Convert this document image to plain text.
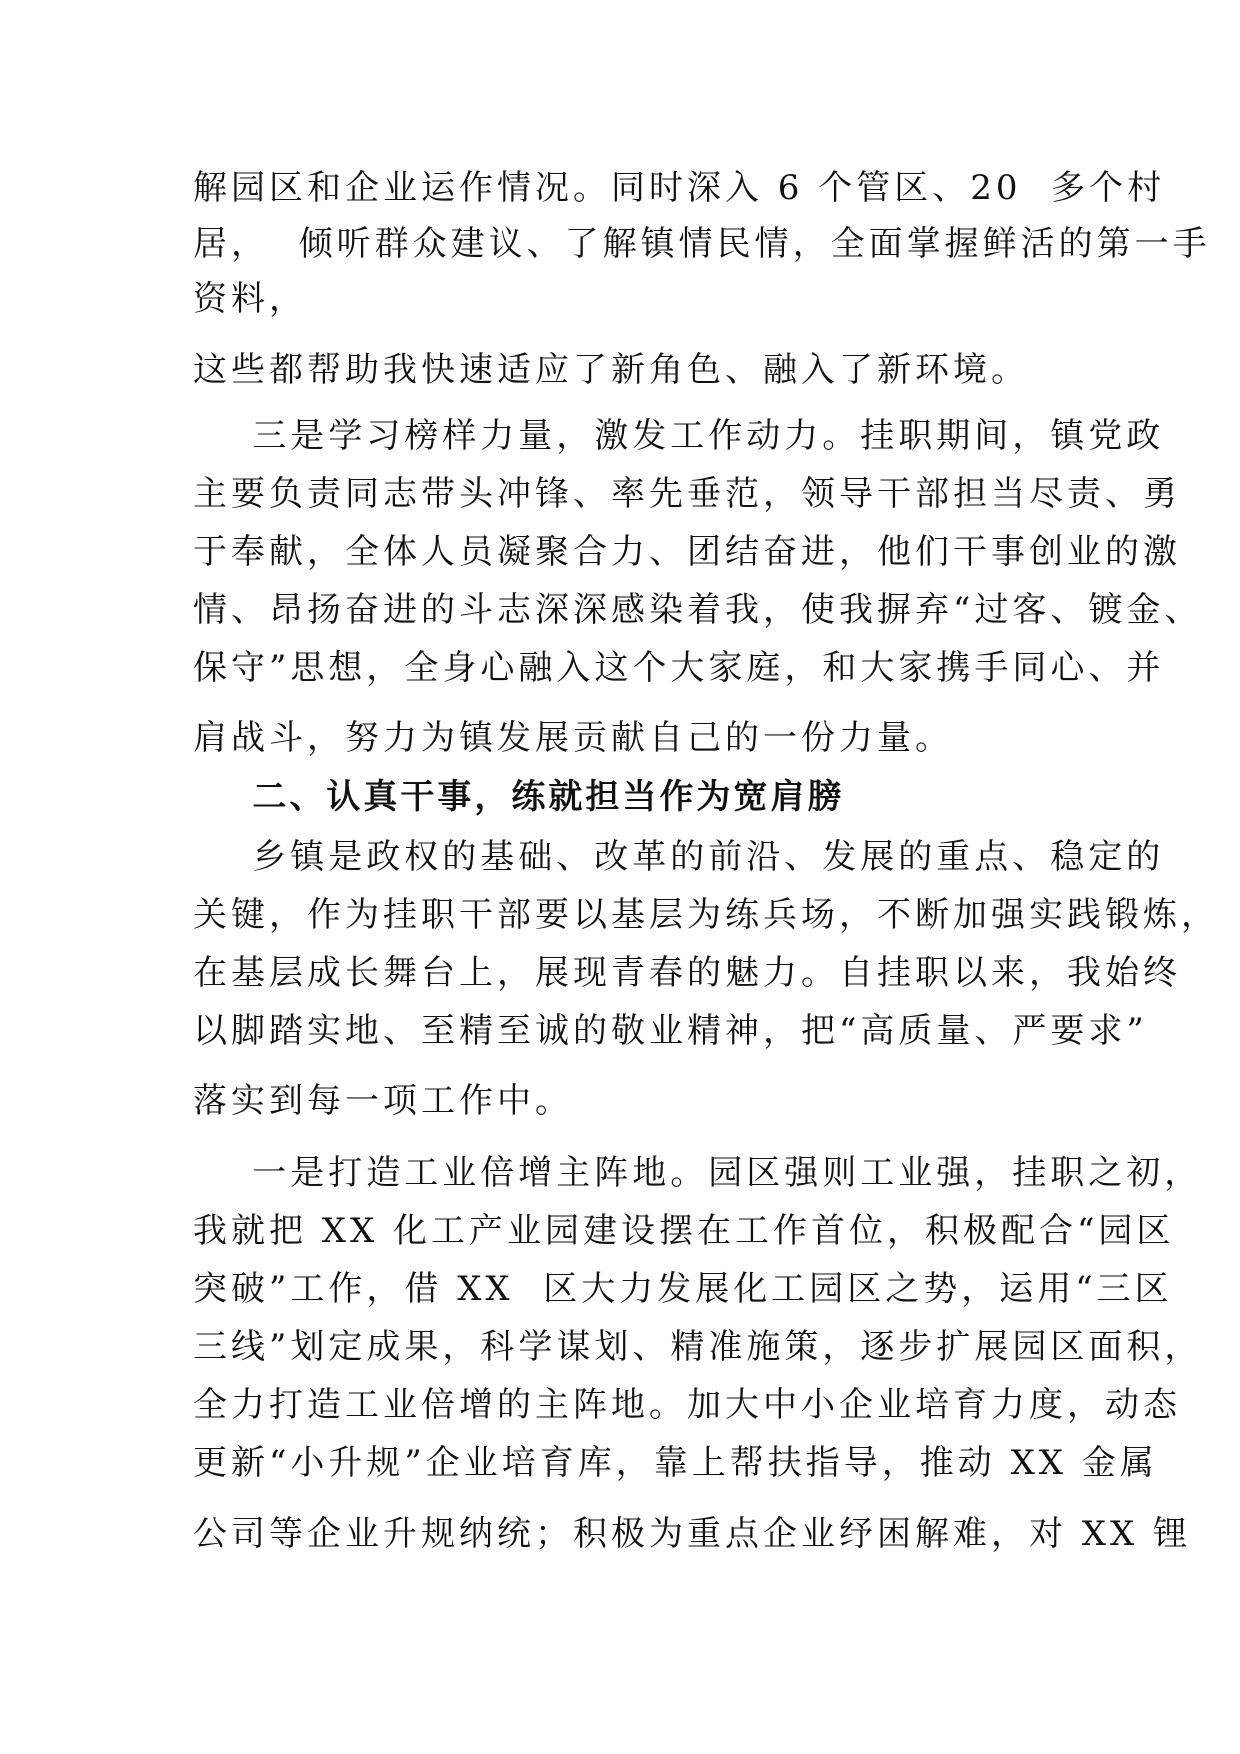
解园区和企业运作情况。同时深入 6 个管区、20  多个村
居，  倾听群众建议、了解镇情民情，全面掌握鲜活的第一手
资料，
这些都帮助我快速适应了新角色、融入了新环境。
三是学习榜样力量，激发工作动力。挂职期间，镇党政
主要负责同志带头冲锋、率先垂范，领导干部担当尽责、勇
于奉献，全体人员凝聚合力、团结奋进，他们干事创业的激
情、昂扬奋进的斗志深深感染着我，使我摒弃“过客、镀金、
保守”思想，全身心融入这个大家庭，和大家携手同心、并
肩战斗，努力为镇发展贡献自己的一份力量。
二、认真干事，练就担当作为宽肩膀
乡镇是政权的基础、改革的前沿、发展的重点、稳定的
关键，作为挂职干部要以基层为练兵场，不断加强实践锻炼，
在基层成长舞台上，展现青春的魅力。自挂职以来，我始终
以脚踏实地、至精至诚的敬业精神，把“高质量、严要求”
落实到每一项工作中。
一是打造工业倍增主阵地。园区强则工业强，挂职之初，
我就把 XX 化工产业园建设摆在工作首位，积极配合“园区
突破”工作，借 XX  区大力发展化工园区之势，运用“三区
三线”划定成果，科学谋划、精准施策，逐步扩展园区面积，
全力打造工业倍增的主阵地。加大中小企业培育力度，动态
更新“小升规”企业培育库，靠上帮扶指导，推动 XX 金属
公司等企业升规纳统；积极为重点企业纾困解难，对 XX 锂
